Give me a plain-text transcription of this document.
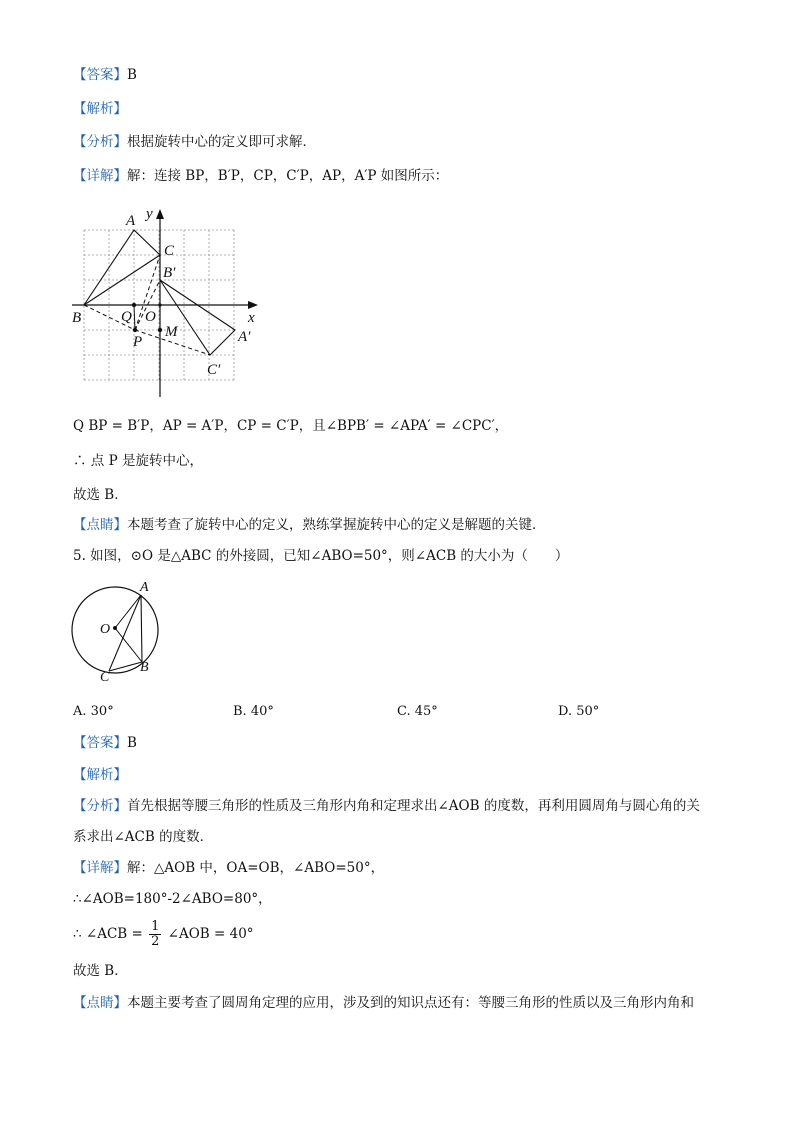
【答案】B
【解析】
【分析】根据旋转中心的定义即可求解．
【详解】解：连接 BP，B′P，CP，C′P，AP，A′P 如图所示：
A
C
B′
B	Q O
M
P	A′
C′
x
y
Q BP = B′P，AP = A′P，CP = C′P，且∠BPB′ = ∠APA′ = ∠CPC′，
∴ 点 P 是旋转中心，
故选 B．
【点睛】本题考查了旋转中心的定义，熟练掌握旋转中心的定义是解题的关键．
5. 如图，⊙O 是△ABC 的外接圆，已知∠ABO=50°，则∠ACB 的大小为（　　）
A
O
B
C
A. 30°	B. 40°	C. 45°	D. 50°
【答案】B
【解析】
【分析】首先根据等腰三角形的性质及三角形内角和定理求出∠AOB 的度数，再利用圆周角与圆心角的关
系求出∠ACB 的度数．
【详解】解：△AOB 中，OA=OB，∠ABO=50°，
∴∠AOB=180°-2∠ABO=80°，
∴ ∠ACB = $\frac{1}{2}$ ∠AOB = 40°
故选 B．
【点睛】本题主要考查了圆周角定理的应用，涉及到的知识点还有：等腰三角形的性质以及三角形内角和
